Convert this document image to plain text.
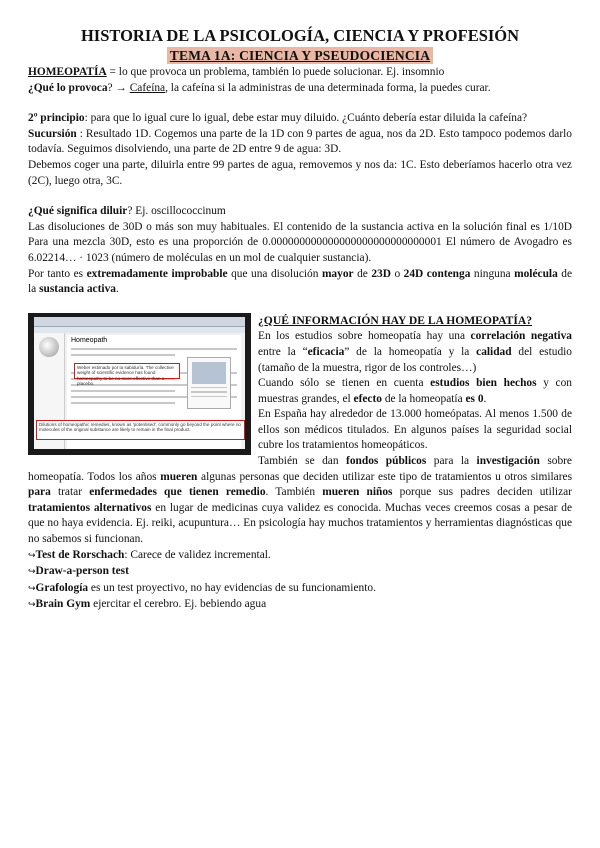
HISTORIA DE LA PSICOLOGÍA, CIENCIA Y PROFESIÓN
TEMA 1A: CIENCIA Y PSEUDOCIENCIA

HOMEOPATÍA = lo que provoca un problema, también lo puede solucionar. Ej. insomnio

¿Qué lo provoca? → Cafeína, la cafeína si la administras de una determinada forma, la puedes curar.

2º principio: para que lo igual cure lo igual, debe estar muy diluido. ¿Cuánto debería estar diluida la cafeína?

Sucursión : Resultado 1D. Cogemos una parte de la 1D con 9 partes de agua, nos da 2D. Esto tampoco podemos darlo todavía. Seguimos disolviendo, una parte de 2D entre 9 de agua: 3D.

Debemos coger una parte, diluirla entre 99 partes de agua, removemos y nos da: 1C. Esto deberíamos hacerlo otra vez (2C), luego otra, 3C.

¿Qué significa diluir? Ej. oscillococcinum

Las disoluciones de 30D o más son muy habituales. El contenido de la sustancia activa en la solución final es 1/10D Para una mezcla 30D, esto es una proporción de 0.000000000000000000000000000001 El número de Avogadro es 6.02214… · 1023 (número de moléculas en un mol de cualquier sustancia).

Por tanto es extremadamente improbable que una disolución mayor de 23D o 24D contenga ninguna molécula de la sustancia activa.

Homeopath
Weber estimado por la sabiduría. The collective weight of scientific evidence has found homeopathy to be no more effective than a placebo.
Dilutions of homeopathic remedies, known as 'potentised', commonly go beyond the point where no molecules of the original substance are likely to remain in the final product.

¿QUÉ INFORMACIÓN HAY DE LA HOMEOPATÍA?

En los estudios sobre homeopatía hay una correlación negativa entre la “eficacia” de la homeopatía y la calidad del estudio (tamaño de la muestra, rigor de los controles…)

Cuando sólo se tienen en cuenta estudios bien hechos y con muestras grandes, el efecto de la homeopatía es 0.

En España hay alrededor de 13.000 homeópatas. Al menos 1.500 de ellos son médicos titulados. En algunos países la seguridad social cubre los tratamientos homeopáticos.

También se dan fondos públicos para la investigación sobre homeopatía. Todos los años mueren algunas personas que deciden utilizar este tipo de tratamientos u otros similares para tratar enfermedades que tienen remedio. También mueren niños porque sus padres deciden utilizar tratamientos alternativos en lugar de medicinas cuya validez es conocida. Muchas veces creemos cosas a pesar de que no haya evidencia. Ej. reiki, acupuntura… En psicología hay muchos tratamientos y herramientas diagnósticas que no sabemos si funcionan.

↪Test de Rorschach: Carece de validez incremental.

↪Draw-a-person test

↪Grafología es un test proyectivo, no hay evidencias de su funcionamiento.

↪Brain Gym ejercitar el cerebro. Ej. bebiendo agua
